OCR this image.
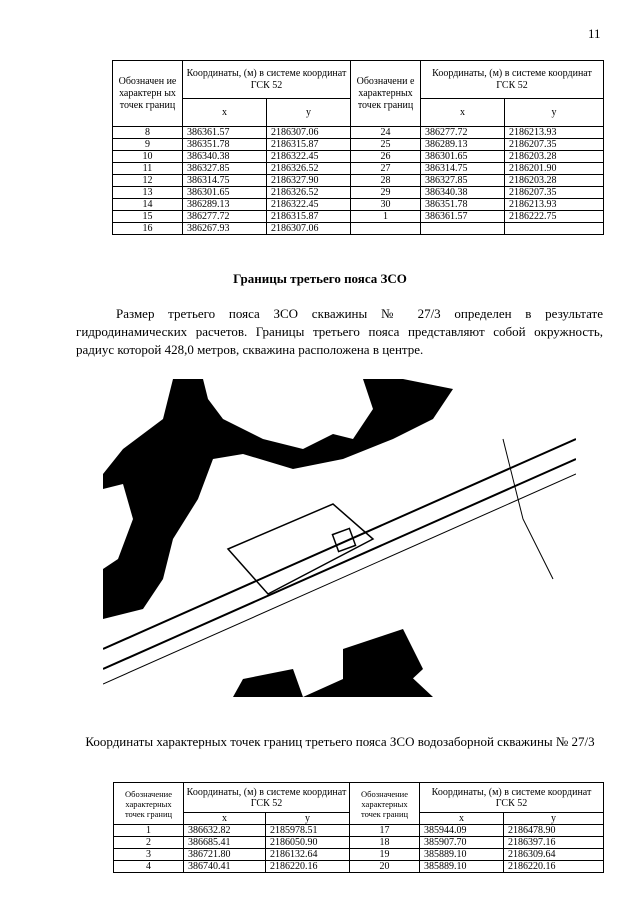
11
Обозначен ие характерн ых точек границ	Координаты, (м) в системе координат ГСК 52		Обозначени е характерных точек границ	Координаты, (м) в системе координат ГСК 52	
	x	y		x	y
8	386361.57	2186307.06	24	386277.72	2186213.93
9	386351.78	2186315.87	25	386289.13	2186207.35
10	386340.38	2186322.45	26	386301.65	2186203.28
11	386327.85	2186326.52	27	386314.75	2186201.90
12	386314.75	2186327.90	28	386327.85	2186203.28
13	386301.65	2186326.52	29	386340.38	2186207.35
14	386289.13	2186322.45	30	386351.78	2186213.93
15	386277.72	2186315.87	1	386361.57	2186222.75
16	386267.93	2186307.06			
Границы третьего пояса ЗСО
Размер третьего пояса ЗСО скважины № 27/3 определен в результате гидродинамических расчетов. Границы третьего пояса представляют собой окружность, радиус которой 428,0 метров, скважина расположена в центре.
Координаты характерных точек границ третьего пояса ЗСО водозаборной скважины № 27/3
Обозначение характерных точек границ	Координаты, (м) в системе координат ГСК 52		Обозначение характерных точек границ	Координаты, (м) в системе координат ГСК 52	
	x	y		x	y
1	386632.82	2185978.51	17	385944.09	2186478.90
2	386685.41	2186050.90	18	385907.70	2186397.16
3	386721.80	2186132.64	19	385889.10	2186309.64
4	386740.41	2186220.16	20	385889.10	2186220.16
